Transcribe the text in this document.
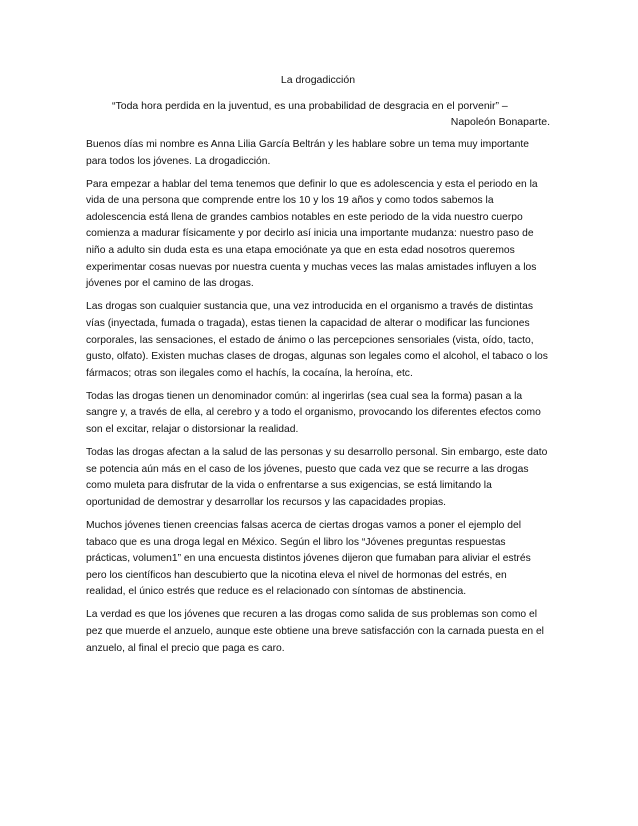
La drogadicción

“Toda hora perdida en la juventud, es una probabilidad de desgracia en el porvenir” –
Napoleón Bonaparte.

Buenos días mi nombre es Anna Lilia García Beltrán y les hablare sobre un tema muy importante para todos los jóvenes. La drogadicción.

Para empezar a hablar del tema tenemos que definir lo que es adolescencia y esta el periodo en la vida de una persona que comprende entre los 10 y los 19 años y como todos sabemos la adolescencia está llena de grandes cambios notables en este periodo de la vida nuestro cuerpo comienza a madurar físicamente y por decirlo así inicia una importante mudanza: nuestro paso de niño a adulto sin duda esta es una etapa emociónate ya que en esta edad nosotros queremos experimentar cosas nuevas por nuestra cuenta y muchas veces las malas amistades influyen a los jóvenes por el camino de las drogas.

Las drogas son cualquier sustancia que, una vez introducida en el organismo a través de distintas vías (inyectada, fumada o tragada), estas tienen la capacidad de alterar o modificar las funciones corporales, las sensaciones, el estado de ánimo o las percepciones sensoriales (vista, oído, tacto, gusto, olfato). Existen muchas clases de drogas, algunas son legales como el alcohol, el tabaco o los fármacos; otras son ilegales como el hachís, la cocaína, la heroína, etc.

Todas las drogas tienen un denominador común: al ingerirlas (sea cual sea la forma) pasan a la sangre y, a través de ella, al cerebro y a todo el organismo, provocando los diferentes efectos como son el excitar, relajar o distorsionar la realidad.

Todas las drogas afectan a la salud de las personas y su desarrollo personal. Sin embargo, este dato se potencia aún más en el caso de los jóvenes, puesto que cada vez que se recurre a las drogas como muleta para disfrutar de la vida o enfrentarse a sus exigencias, se está limitando la oportunidad de demostrar y desarrollar los recursos y las capacidades propias.

Muchos jóvenes tienen creencias falsas acerca de ciertas drogas vamos a poner el ejemplo del tabaco que es una droga legal en México. Según el libro los “Jóvenes preguntas respuestas prácticas, volumen1” en una encuesta distintos jóvenes dijeron que fumaban para aliviar el estrés pero los científicos han descubierto que la nicotina eleva el nivel de hormonas del estrés, en realidad, el único estrés que reduce es el relacionado con síntomas de abstinencia.

La verdad es que los jóvenes que recuren a las drogas como salida de sus problemas son como el pez que muerde el anzuelo, aunque este obtiene una breve satisfacción con la carnada puesta en el anzuelo, al final el precio que paga es caro.
